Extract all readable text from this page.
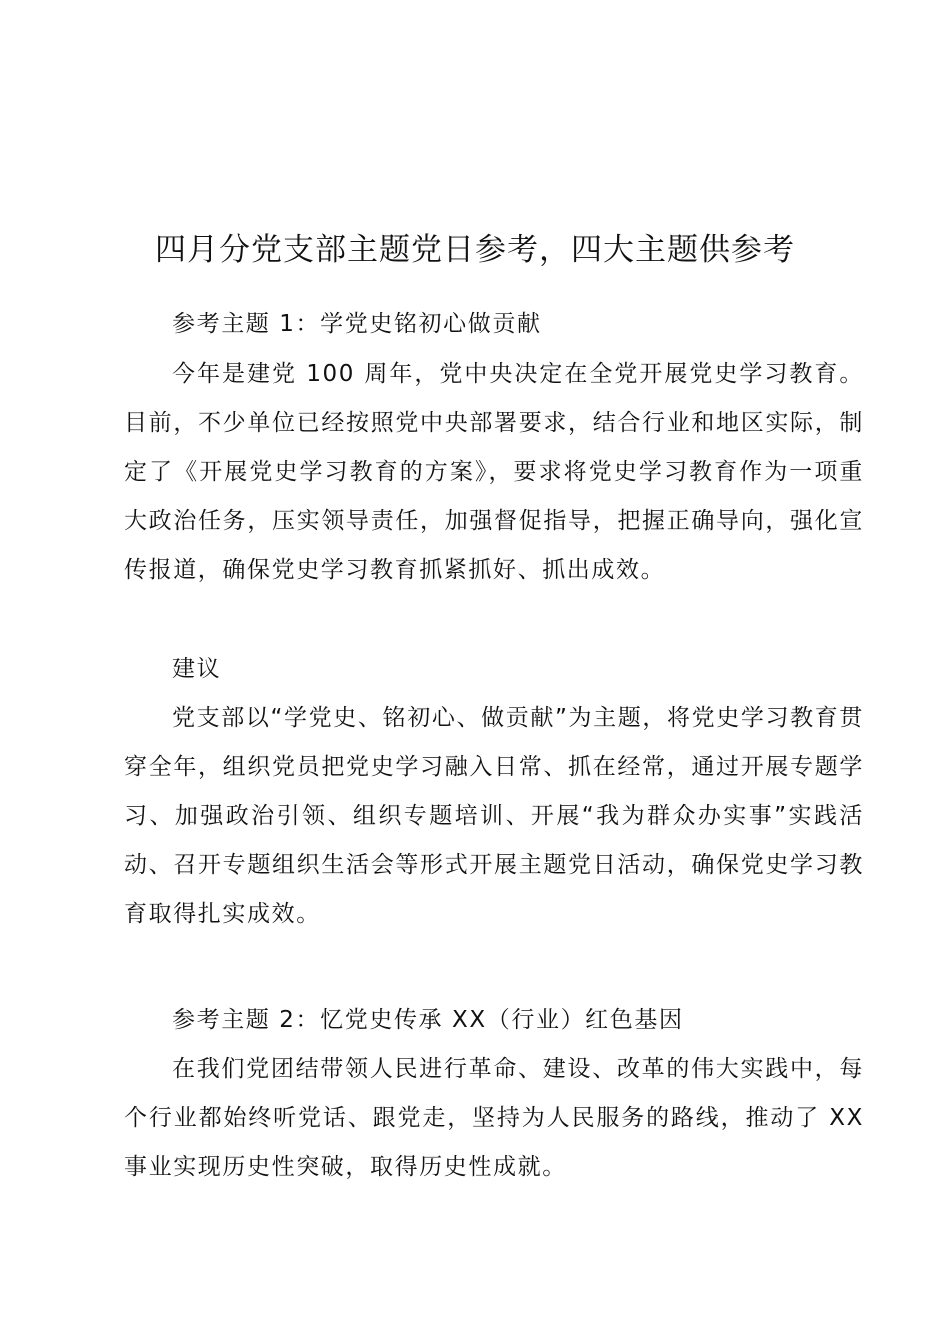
四月分党支部主题党日参考，四大主题供参考

参考主题 1：学党史铭初心做贡献

今年是建党 100 周年，党中央决定在全党开展党史学习教育。目前，不少单位已经按照党中央部署要求，结合行业和地区实际，制定了《开展党史学习教育的方案》，要求将党史学习教育作为一项重大政治任务，压实领导责任，加强督促指导，把握正确导向，强化宣传报道，确保党史学习教育抓紧抓好、抓出成效。

建议

党支部以“学党史、铭初心、做贡献”为主题，将党史学习教育贯穿全年，组织党员把党史学习融入日常、抓在经常，通过开展专题学习、加强政治引领、组织专题培训、开展“我为群众办实事”实践活动、召开专题组织生活会等形式开展主题党日活动，确保党史学习教育取得扎实成效。

参考主题 2：忆党史传承 XX（行业）红色基因

在我们党团结带领人民进行革命、建设、改革的伟大实践中，每个行业都始终听党话、跟党走，坚持为人民服务的路线，推动了 XX 事业实现历史性突破，取得历史性成就。
